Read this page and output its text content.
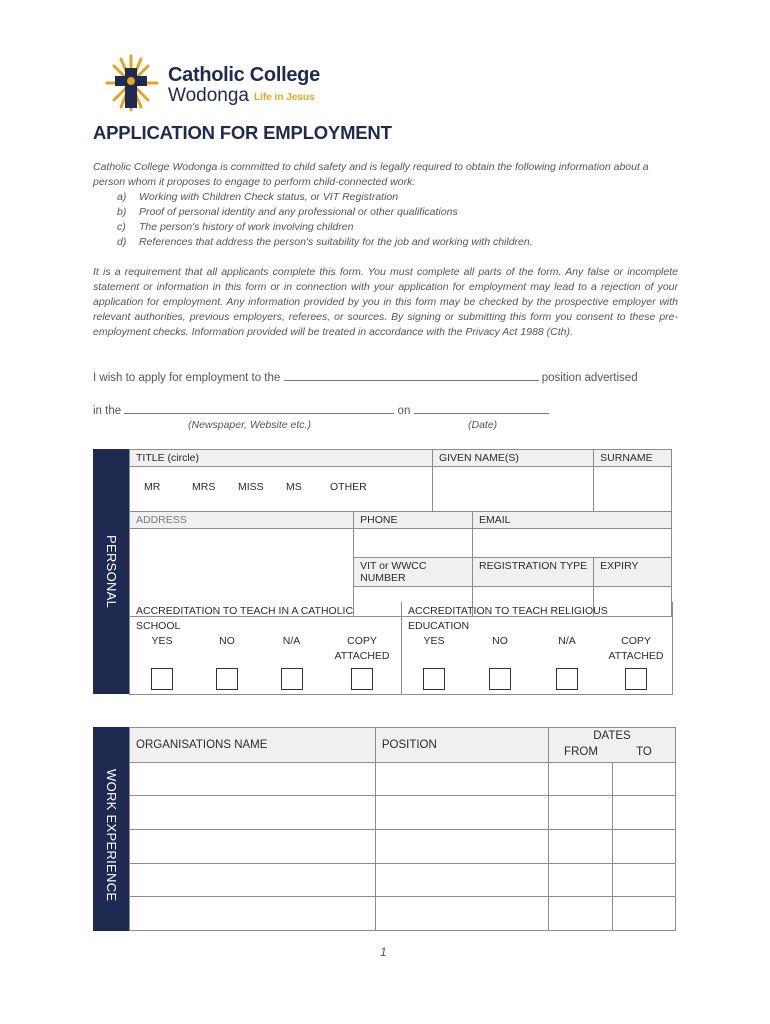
Catholic College
Wodonga Life in Jesus
APPLICATION FOR EMPLOYMENT
Catholic College Wodonga is committed to child safety and is legally required to obtain the following information about a person whom it proposes to engage to perform child-connected work:
a)	Working with Children Check status, or VIT Registration
b)	Proof of personal identity and any professional or other qualifications
c)	The person's history of work involving children
d)	References that address the person's suitability for the job and working with children.
It is a requirement that all applicants complete this form. You must complete all parts of the form. Any false or incomplete statement or information in this form or in connection with your application for employment may lead to a rejection of your application for employment. Any information provided by you in this form may be checked by the prospective employer with relevant authorities, previous employers, referees, or sources. By signing or submitting this form you consent to these pre-employment checks. Information provided will be treated in accordance with the Privacy Act 1988 (Cth).
I wish to apply for employment to the	position advertised
in the	on
(Newspaper, Website etc.)	(Date)
PERSONAL
TITLE (circle)		GIVEN NAME(S)		SURNAME

MR MRS MISS MS OTHER				

ADDRESS	PHONE		EMAIL	

	VIT or WWCC NUMBER		REGISTRATION TYPE	EXPIRY

ACCREDITATION TO TEACH IN A CATHOLIC SCHOOL
YES	NO	N/A	COPY ATTACHED

ACCREDITATION TO TEACH RELIGIOUS EDUCATION
YES	NO	N/A	COPY ATTACHED
WORK EXPERIENCE
ORGANISATIONS NAME	POSITION	DATES
FROM TO	

1
